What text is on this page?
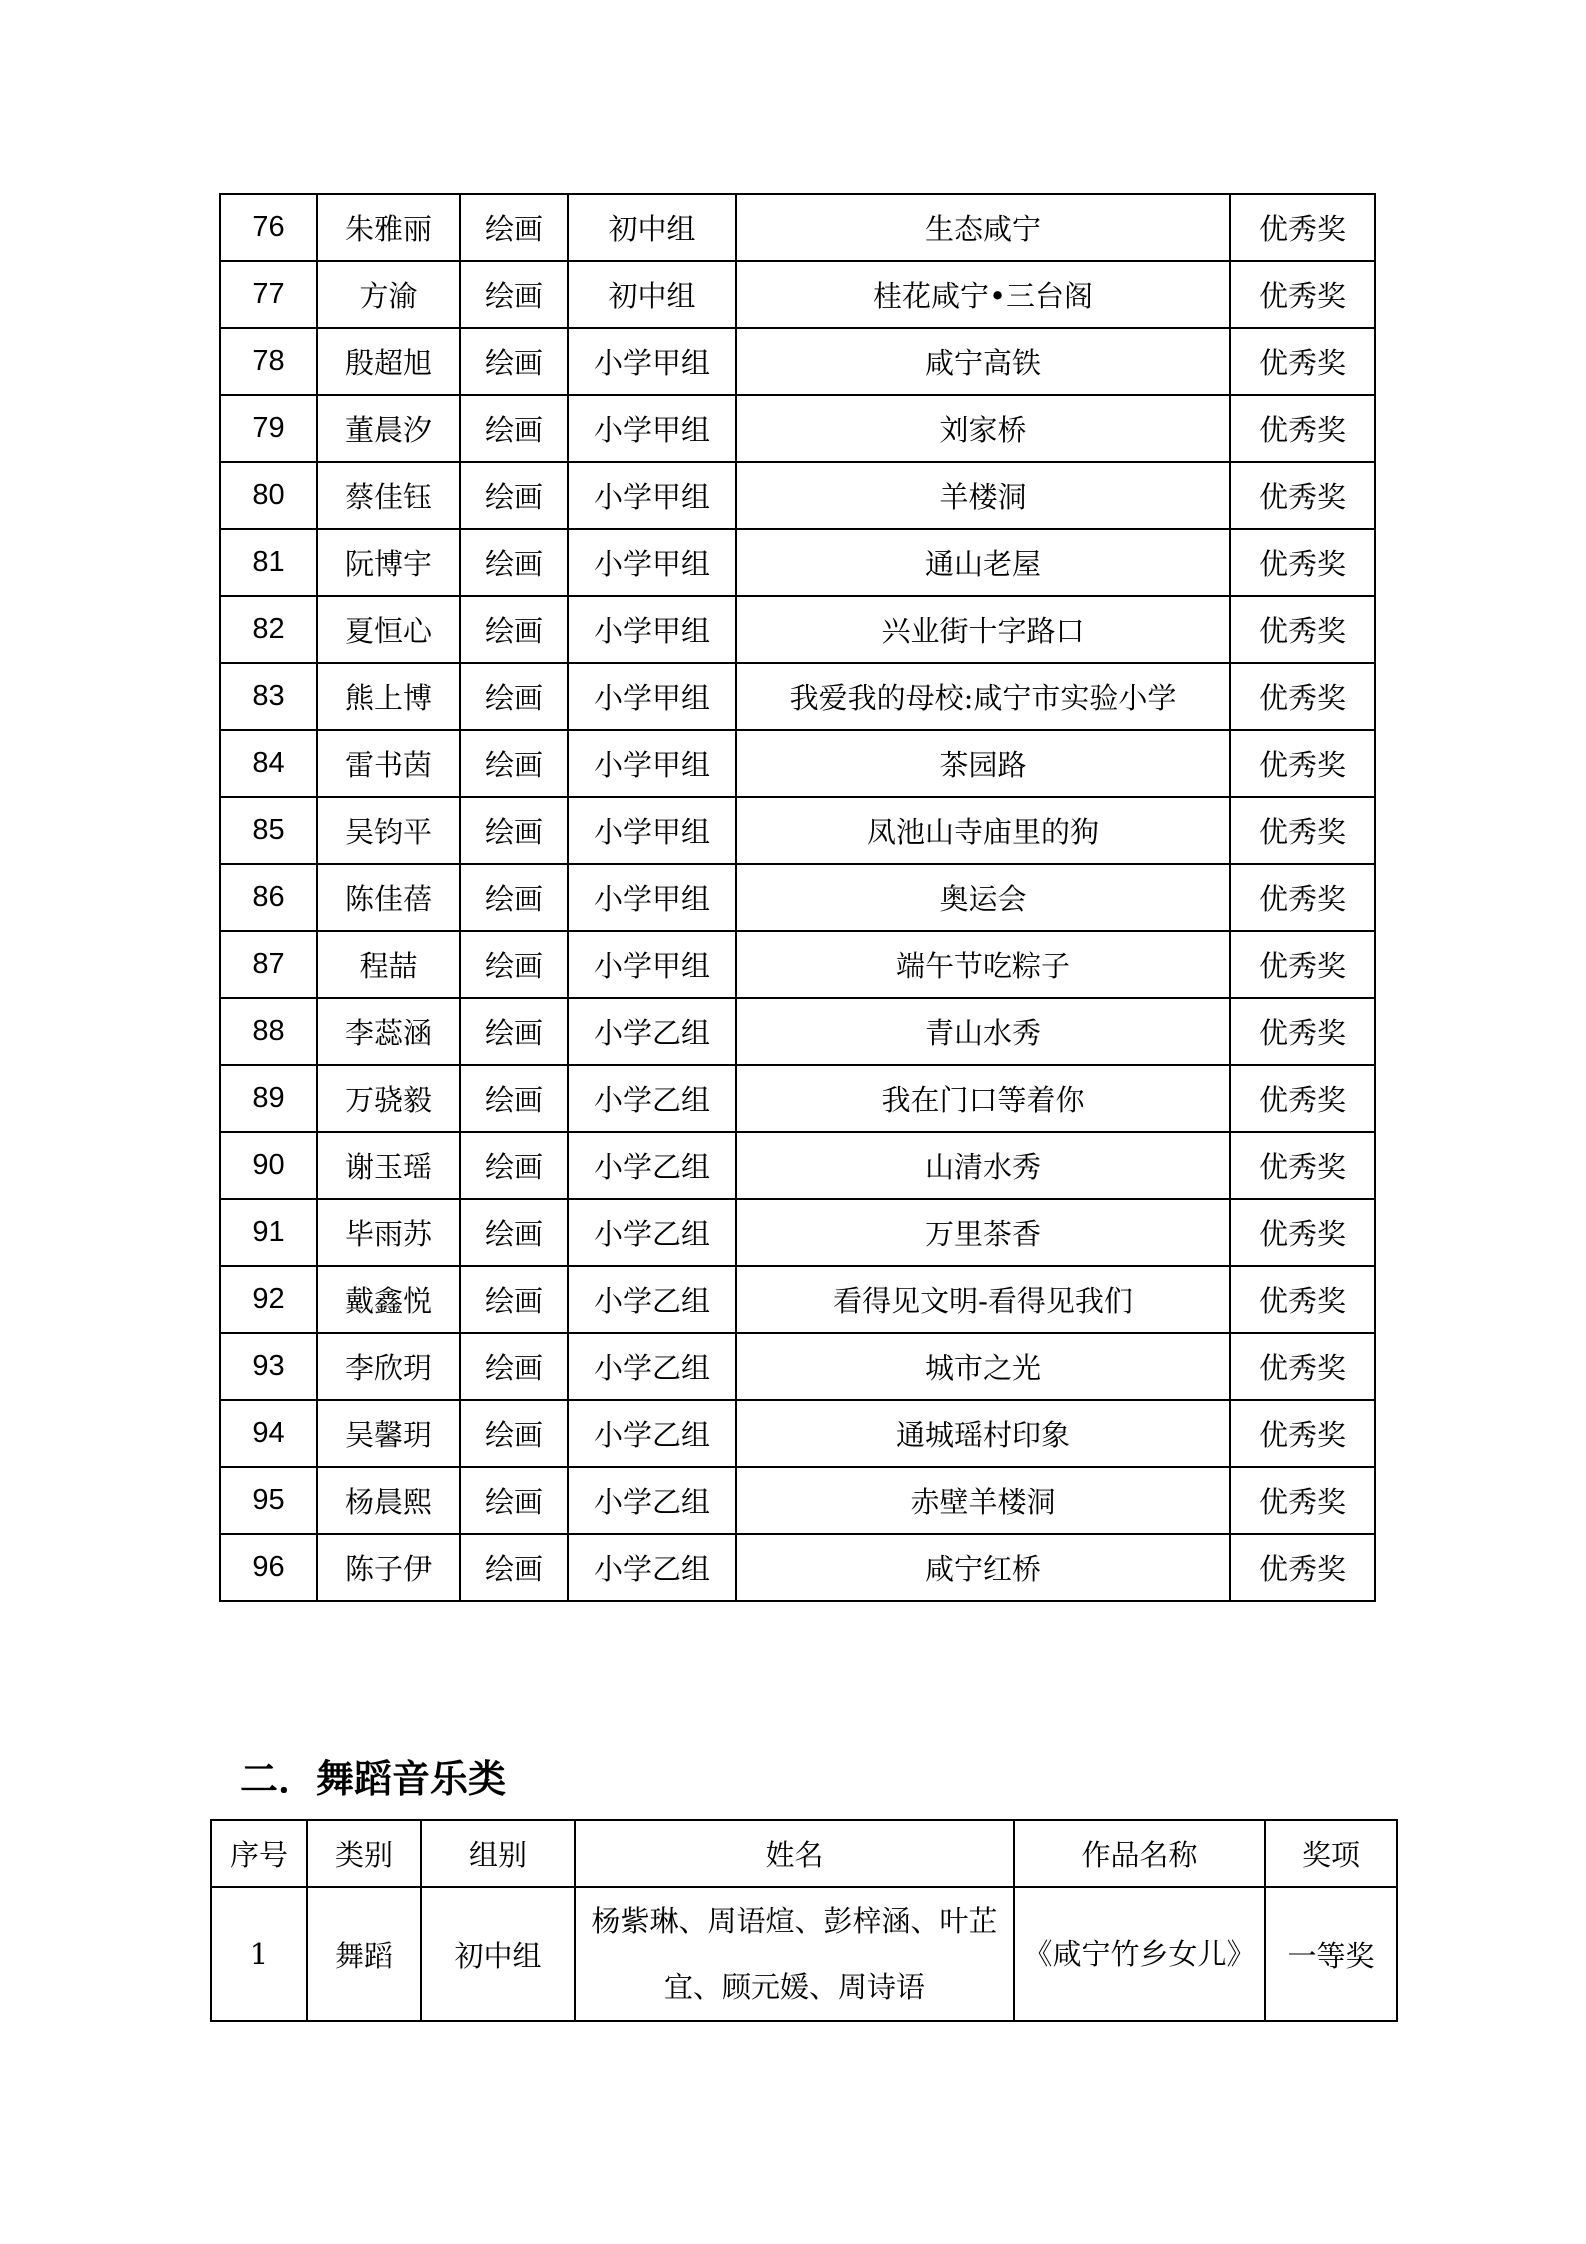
76	朱雅丽	绘画	初中组	生态咸宁	优秀奖
77	方渝	绘画	初中组	桂花咸宁•三台阁	优秀奖
78	殷超旭	绘画	小学甲组	咸宁高铁	优秀奖
79	董晨汐	绘画	小学甲组	刘家桥	优秀奖
80	蔡佳钰	绘画	小学甲组	羊楼洞	优秀奖
81	阮博宇	绘画	小学甲组	通山老屋	优秀奖
82	夏恒心	绘画	小学甲组	兴业街十字路口	优秀奖
83	熊上博	绘画	小学甲组	我爱我的母校:咸宁市实验小学	优秀奖
84	雷书茵	绘画	小学甲组	茶园路	优秀奖
85	吴钧平	绘画	小学甲组	凤池山寺庙里的狗	优秀奖
86	陈佳蓓	绘画	小学甲组	奥运会	优秀奖
87	程喆	绘画	小学甲组	端午节吃粽子	优秀奖
88	李蕊涵	绘画	小学乙组	青山水秀	优秀奖
89	万骁毅	绘画	小学乙组	我在门口等着你	优秀奖
90	谢玉瑶	绘画	小学乙组	山清水秀	优秀奖
91	毕雨苏	绘画	小学乙组	万里茶香	优秀奖
92	戴鑫悦	绘画	小学乙组	看得见文明-看得见我们	优秀奖
93	李欣玥	绘画	小学乙组	城市之光	优秀奖
94	吴馨玥	绘画	小学乙组	通城瑶村印象	优秀奖
95	杨晨熙	绘画	小学乙组	赤壁羊楼洞	优秀奖
96	陈子伊	绘画	小学乙组	咸宁红桥	优秀奖
二．舞蹈音乐类
序号	类别	组别	姓名	作品名称	奖项
1	舞蹈	初中组	杨紫琳、周语煊、彭梓涵、叶芷宜、顾元媛、周诗语	《咸宁竹乡女儿》	一等奖
